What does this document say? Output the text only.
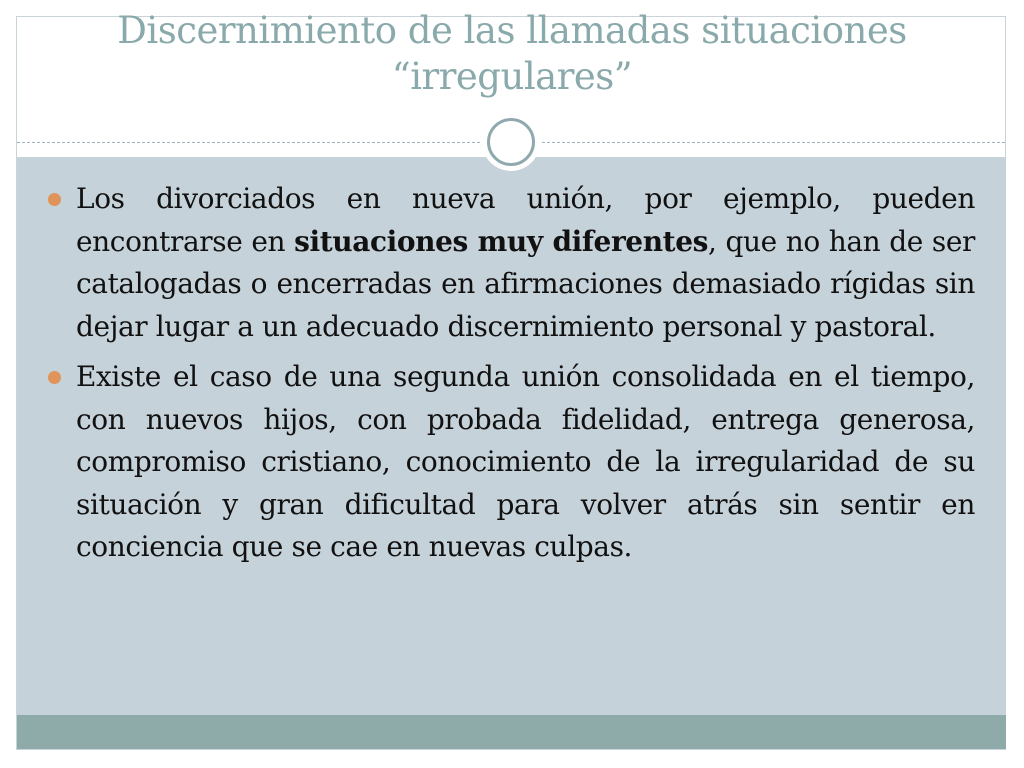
Discernimiento de las llamadas situaciones
“irregulares”
Los divorciados en nueva unión, por ejemplo, pueden encontrarse en situaciones muy diferentes, que no han de ser catalogadas o encerradas en afirmaciones demasiado rígidas sin dejar lugar a un adecuado discernimiento personal y pastoral.
Existe el caso de una segunda unión consolidada en el tiempo, con nuevos hijos, con probada fidelidad, entrega generosa, compromiso cristiano, conocimiento de la irregularidad de su situación y gran dificultad para volver atrás sin sentir en conciencia que se cae en nuevas culpas.
